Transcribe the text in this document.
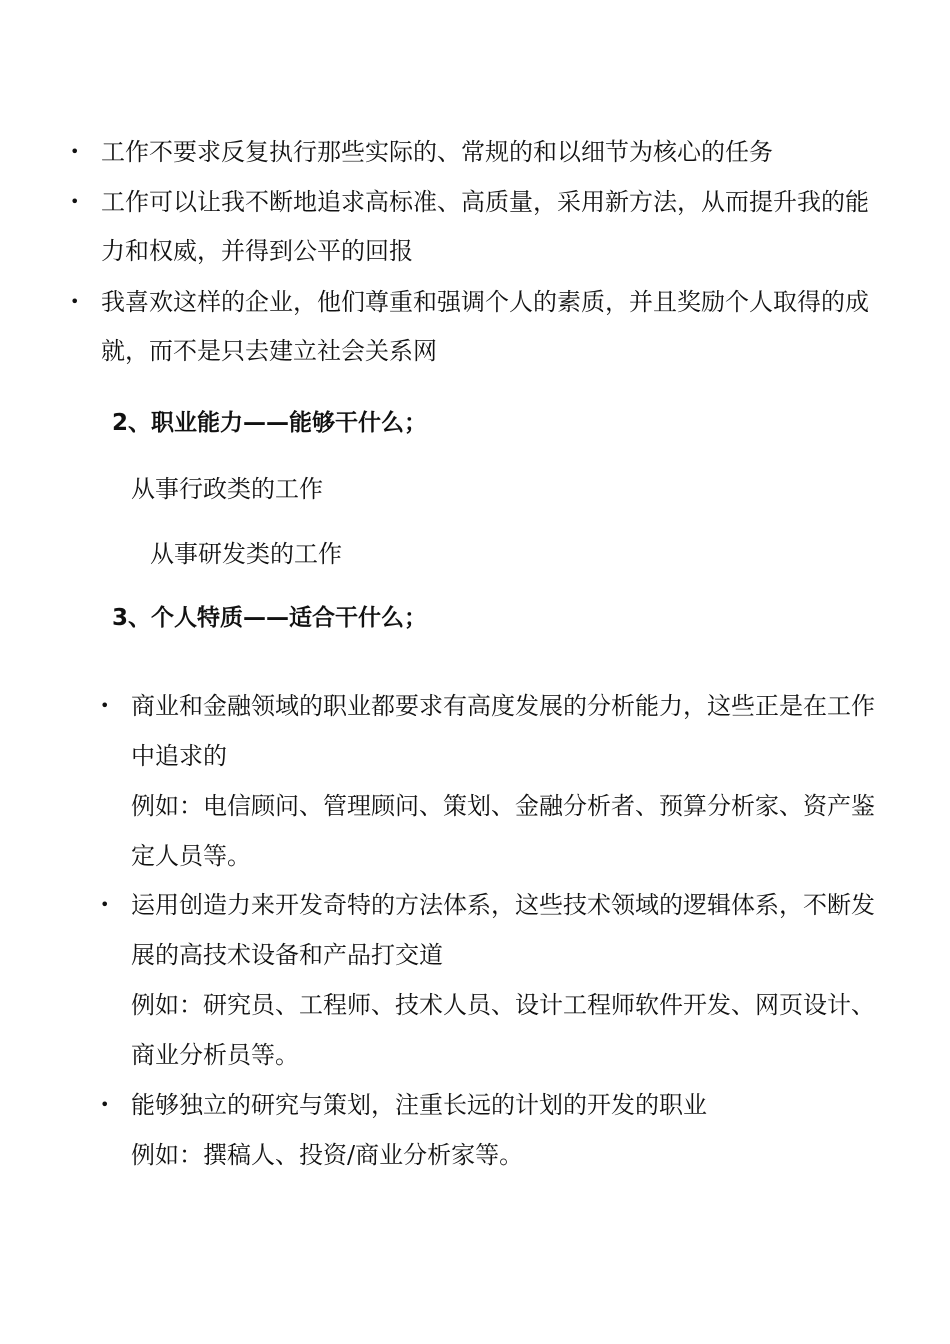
• 工作不要求反复执行那些实际的、常规的和以细节为核心的任务
• 工作可以让我不断地追求高标准、高质量，采用新方法，从而提升我的能
力和权威，并得到公平的回报
• 我喜欢这样的企业，他们尊重和强调个人的素质，并且奖励个人取得的成
就，而不是只去建立社会关系网
2、职业能力——能够干什么；
从事行政类的工作
从事研发类的工作
3、个人特质——适合干什么；
• 商业和金融领域的职业都要求有高度发展的分析能力，这些正是在工作
中追求的
例如：电信顾问、管理顾问、策划、金融分析者、预算分析家、资产鉴
定人员等。
• 运用创造力来开发奇特的方法体系，这些技术领域的逻辑体系，不断发
展的高技术设备和产品打交道
例如：研究员、工程师、技术人员、设计工程师软件开发、网页设计、
商业分析员等。
• 能够独立的研究与策划，注重长远的计划的开发的职业
例如：撰稿人、投资/商业分析家等。
